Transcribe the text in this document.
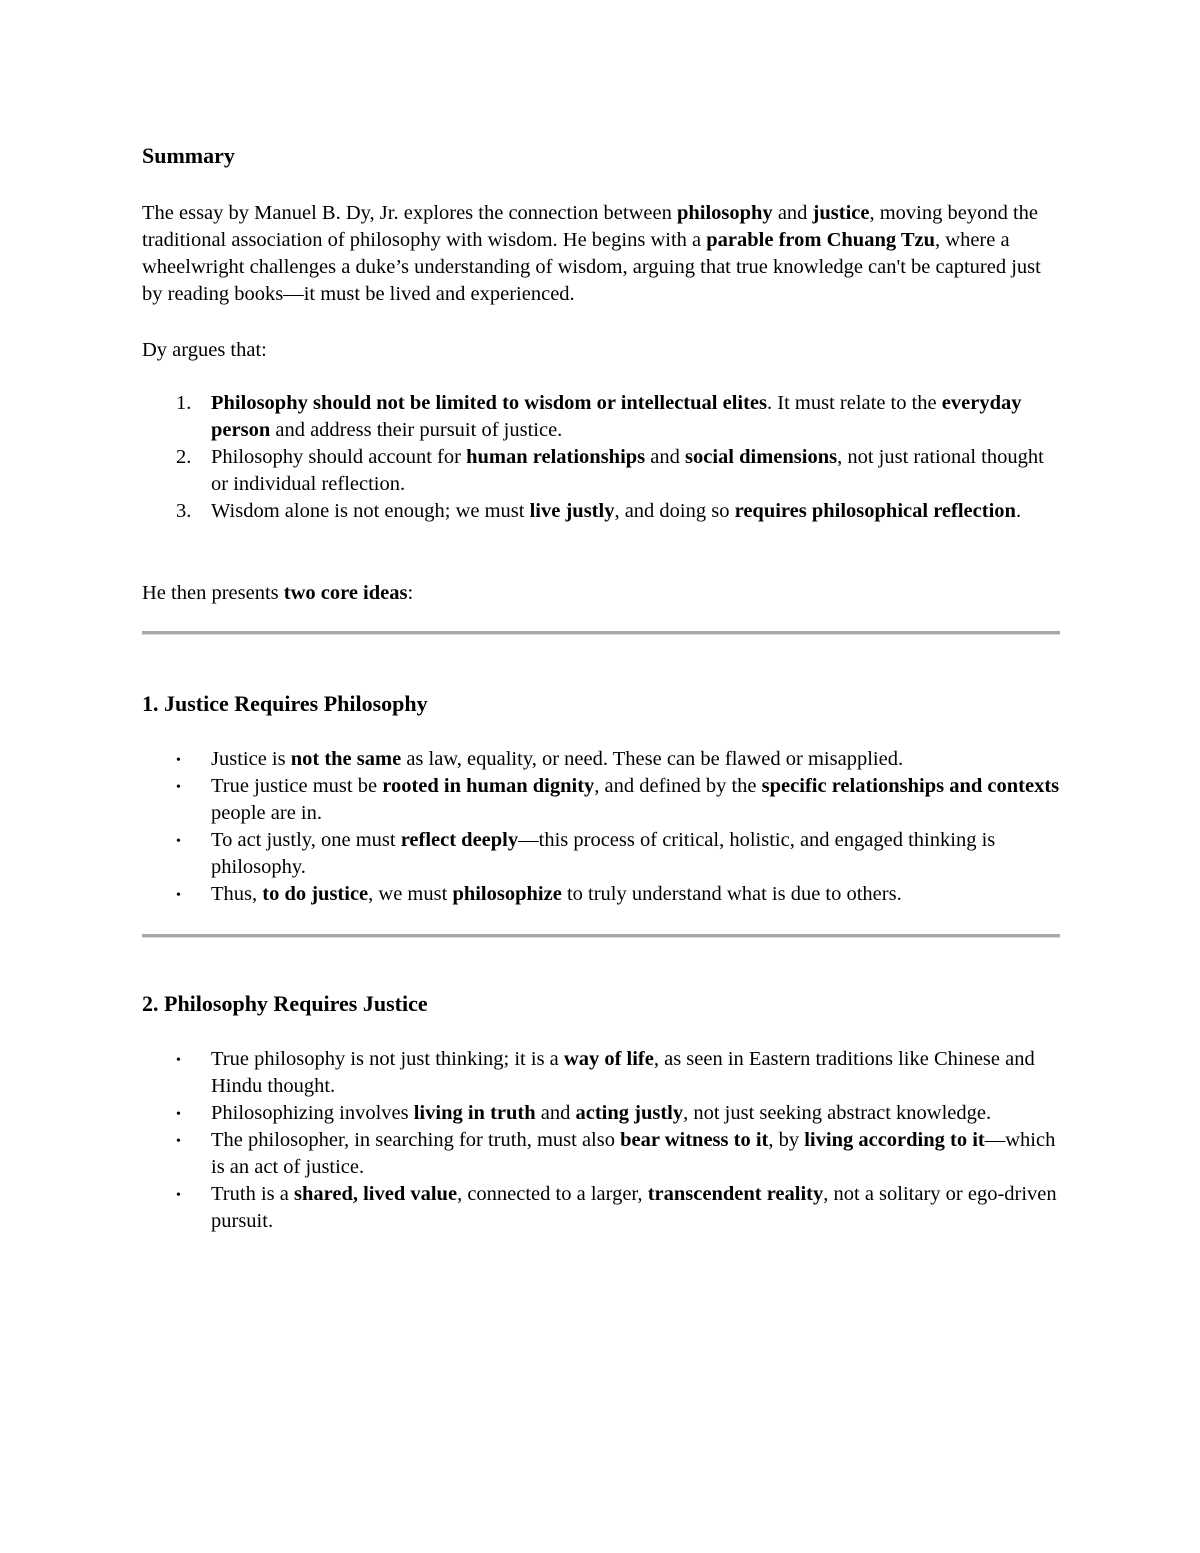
Summary

The essay by Manuel B. Dy, Jr. explores the connection between philosophy and justice, moving beyond the traditional association of philosophy with wisdom. He begins with a parable from Chuang Tzu, where a wheelwright challenges a duke’s understanding of wisdom, arguing that true knowledge can't be captured just by reading books—it must be lived and experienced.

Dy argues that:

1. Philosophy should not be limited to wisdom or intellectual elites. It must relate to the everyday person and address their pursuit of justice.
2. Philosophy should account for human relationships and social dimensions, not just rational thought or individual reflection.
3. Wisdom alone is not enough; we must live justly, and doing so requires philosophical reflection.

He then presents two core ideas:

1. Justice Requires Philosophy
• Justice is not the same as law, equality, or need. These can be flawed or misapplied.
• True justice must be rooted in human dignity, and defined by the specific relationships and contexts people are in.
• To act justly, one must reflect deeply—this process of critical, holistic, and engaged thinking is philosophy.
• Thus, to do justice, we must philosophize to truly understand what is due to others.
2. Philosophy Requires Justice
• True philosophy is not just thinking; it is a way of life, as seen in Eastern traditions like Chinese and Hindu thought.
• Philosophizing involves living in truth and acting justly, not just seeking abstract knowledge.
• The philosopher, in searching for truth, must also bear witness to it, by living according to it—which is an act of justice.
• Truth is a shared, lived value, connected to a larger, transcendent reality, not a solitary or ego-driven pursuit.
